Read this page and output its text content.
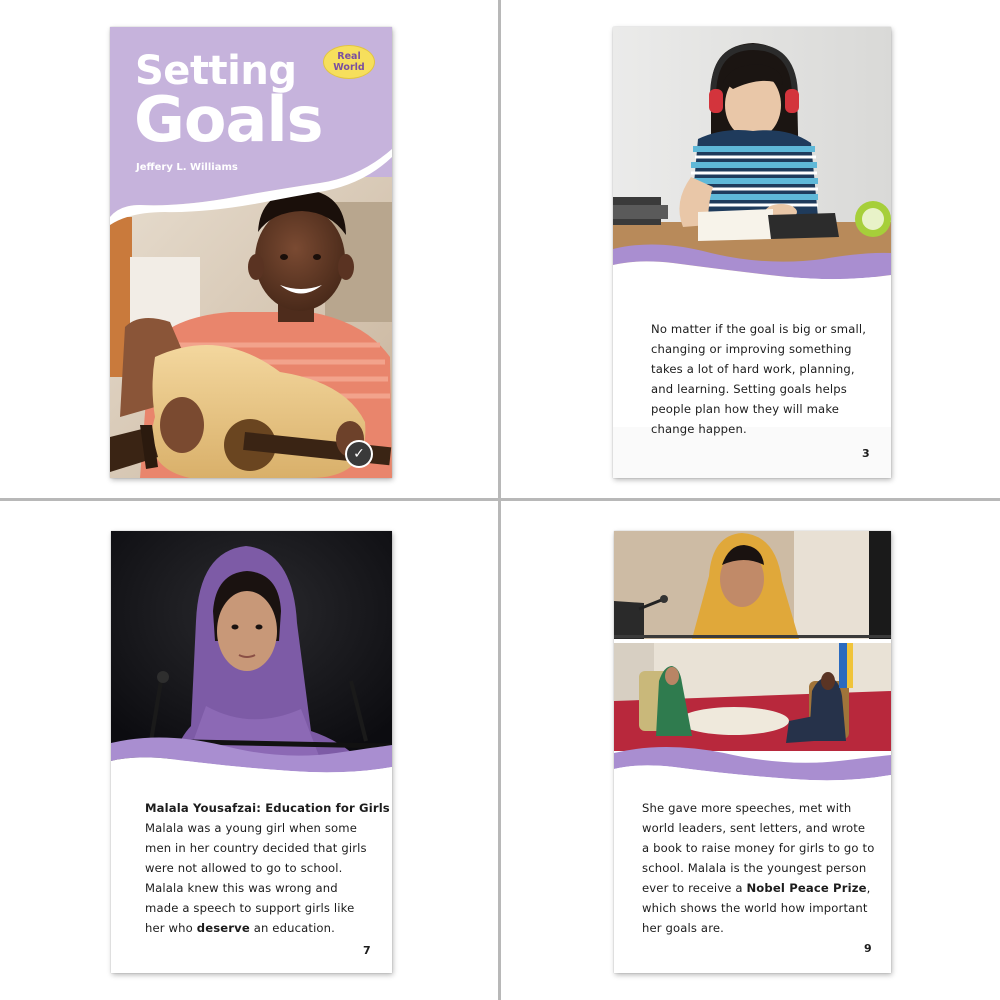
Setting
Goals
Jeffery L. Williams
Real
World
✓
No matter if the goal is big or small,
changing or improving something
takes a lot of hard work, planning,
and learning. Setting goals helps
people plan how they will make
change happen.
3
Malala Yousafzai: Education for Girls
Malala was a young girl when some
men in her country decided that girls
were not allowed to go to school.
Malala knew this was wrong and
made a speech to support girls like
her who deserve an education.
7
She gave more speeches, met with
world leaders, sent letters, and wrote
a book to raise money for girls to go to
school. Malala is the youngest person
ever to receive a Nobel Peace Prize,
which shows the world how important
her goals are.
9
